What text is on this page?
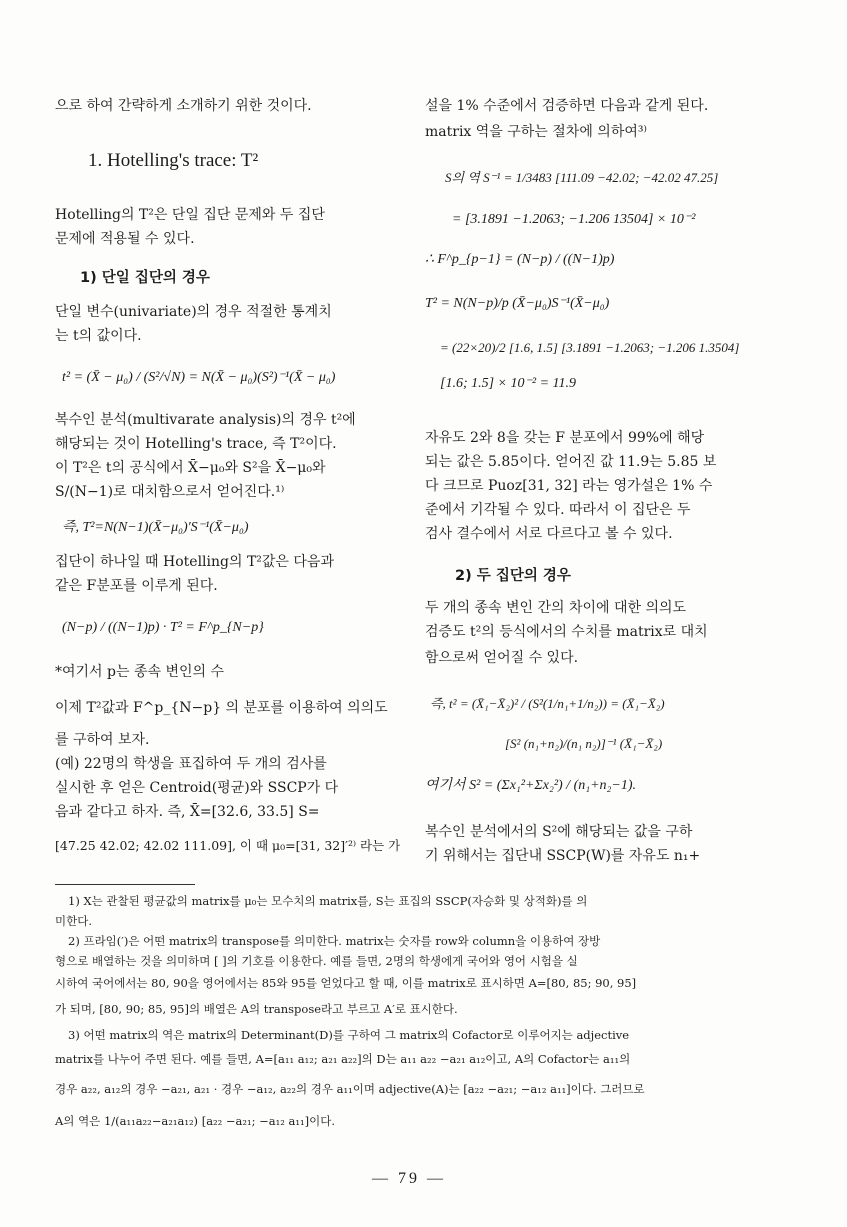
으로 하여 간략하게 소개하기 위한 것이다.
1. Hotelling's trace: T²
Hotelling의 T²은 단일 집단 문제와 두 집단
문제에 적용될 수 있다.
1) 단일 집단의 경우
단일 변수(univariate)의 경우 적절한 통계치
는 t의 값이다.
t² = (X̄ − μ₀) / (S²/√N) = N(X̄ − μ₀)(S²)⁻¹(X̄ − μ₀)
복수인 분석(multivarate analysis)의 경우 t²에
해당되는 것이 Hotelling's trace, 즉 T²이다.
이 T²은 t의 공식에서 X̄−μ₀와 S²을 X̄−μ₀와
S/(N−1)로 대치함으로서 얻어진다.¹⁾
즉, T²=N(N−1)(X̄−μ₀)′S⁻¹(X̄−μ₀)
집단이 하나일 때 Hotelling의 T²값은 다음과
같은 F분포를 이루게 된다.
(N−p) / ((N−1)p) · T² = F^p_{N−p}
*여기서 p는 종속 변인의 수
이제 T²값과 F^p_{N−p} 의 분포를 이용하여 의의도
를 구하여 보자.
(예) 22명의 학생을 표집하여 두 개의 검사를
실시한 후 얻은 Centroid(평균)와 SSCP가 다
음과 같다고 하자. 즉, X̄=[32.6, 33.5] S=
[47.25 42.02; 42.02 111.09], 이 때 μ₀=[31, 32]′²⁾ 라는 가
설을 1% 수준에서 검증하면 다음과 같게 된다.
matrix 역을 구하는 절차에 의하여³⁾
S의 역 S⁻¹ = 1/3483 [111.09 −42.02; −42.02 47.25]
= [3.1891 −1.2063; −1.206 13504] × 10⁻²
∴ F^p_{p−1} = (N−p) / ((N−1)p)
T² = N(N−p)/p (X̄−μ₀)S⁻¹(X̄−μ₀)
= (22×20)/2 [1.6, 1.5] [3.1891 −1.2063; −1.206 1.3504]
[1.6; 1.5] × 10⁻² = 11.9
자유도 2와 8을 갖는 F 분포에서 99%에 해당
되는 값은 5.85이다. 얻어진 값 11.9는 5.85 보
다 크므로 Puoz[31, 32] 라는 영가설은 1% 수
준에서 기각될 수 있다. 따라서 이 집단은 두
검사 결수에서 서로 다르다고 볼 수 있다.
2) 두 집단의 경우
두 개의 종속 변인 간의 차이에 대한 의의도
검증도 t²의 등식에서의 수치를 matrix로 대치
함으로써 얻어질 수 있다.
즉, t² = (X̄₁−X̄₂)² / (S²(1/n₁+1/n₂)) = (X̄₁−X̄₂)
[S² (n₁+n₂)/(n₁ n₂)]⁻¹ (X̄₁−X̄₂)
여기서 S² = (Σx₁²+Σx₂²) / (n₁+n₂−1).
복수인 분석에서의 S²에 해당되는 값을 구하
기 위해서는 집단내 SSCP(W)를 자유도 n₁+
1) X는 관찰된 평균값의 matrix를 μ₀는 모수치의 matrix를, S는 표집의 SSCP(자승화 및 상적화)를 의
미한다.
2) 프라임(′)은 어떤 matrix의 transpose를 의미한다. matrix는 숫자를 row와 column을 이용하여 장방
형으로 배열하는 것을 의미하며 [ ]의 기호를 이용한다. 예를 들면, 2명의 학생에게 국어와 영어 시험을 실
시하여 국어에서는 80, 90을 영어에서는 85와 95를 얻었다고 할 때, 이를 matrix로 표시하면 A=[80, 85; 90, 95]
가 되며, [80, 90; 85, 95]의 배열은 A의 transpose라고 부르고 A′로 표시한다.
3) 어떤 matrix의 역은 matrix의 Determinant(D)를 구하여 그 matrix의 Cofactor로 이루어지는 adjective
matrix를 나누어 주면 된다. 예를 들면, A=[a₁₁ a₁₂; a₂₁ a₂₂]의 D는 a₁₁ a₂₂ −a₂₁ a₁₂이고, A의 Cofactor는 a₁₁의
경우 a₂₂, a₁₂의 경우 −a₂₁, a₂₁ · 경우 −a₁₂, a₂₂의 경우 a₁₁이며 adjective(A)는 [a₂₂ −a₂₁; −a₁₂ a₁₁]이다. 그러므로
A의 역은 1/(a₁₁a₂₂−a₂₁a₁₂) [a₂₂ −a₂₁; −a₁₂ a₁₁]이다.
— 79 —
